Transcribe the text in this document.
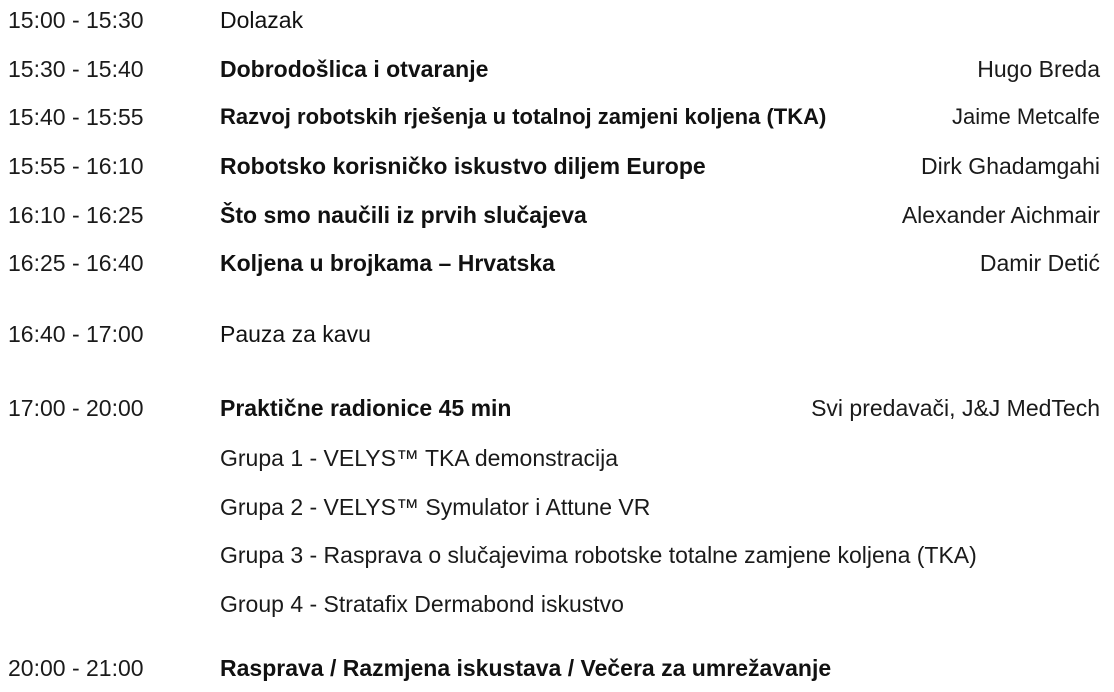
15:00 - 15:30	Dolazak
15:30 - 15:40	Dobrodošlica i otvaranje	Hugo Breda
15:40 - 15:55	Razvoj robotskih rješenja u totalnoj zamjeni koljena (TKA)	Jaime Metcalfe
15:55 - 16:10	Robotsko korisničko iskustvo diljem Europe	Dirk Ghadamgahi
16:10 - 16:25	Što smo naučili iz prvih slučajeva	Alexander Aichmair
16:25 - 16:40	Koljena u brojkama – Hrvatska	Damir Detić
16:40 - 17:00	Pauza za kavu
17:00 - 20:00	Praktične radionice 45 min	Svi predavači, J&J MedTech
Grupa 1 - VELYS™ TKA demonstracija
Grupa 2 - VELYS™ Symulator i Attune VR
Grupa 3 - Rasprava o slučajevima robotske totalne zamjene koljena (TKA)
Group 4 - Stratafix Dermabond iskustvo
20:00 - 21:00	Rasprava / Razmjena iskustava / Večera za umrežavanje
